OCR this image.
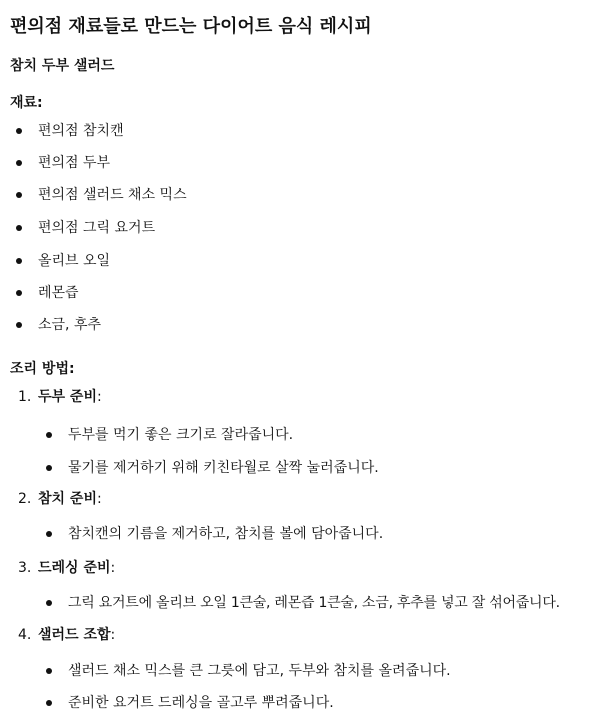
편의점 재료들로 만드는 다이어트 음식 레시피
참치 두부 샐러드
재료:
편의점 참치캔
편의점 두부
편의점 샐러드 채소 믹스
편의점 그릭 요거트
올리브 오일
레몬즙
소금, 후추
조리 방법:
1. 두부 준비:
두부를 먹기 좋은 크기로 잘라줍니다.
물기를 제거하기 위해 키친타월로 살짝 눌러줍니다.
2. 참치 준비:
참치캔의 기름을 제거하고, 참치를 볼에 담아줍니다.
3. 드레싱 준비:
그릭 요거트에 올리브 오일 1큰술, 레몬즙 1큰술, 소금, 후추를 넣고 잘 섞어줍니다.
4. 샐러드 조합:
샐러드 채소 믹스를 큰 그릇에 담고, 두부와 참치를 올려줍니다.
준비한 요거트 드레싱을 골고루 뿌려줍니다.
